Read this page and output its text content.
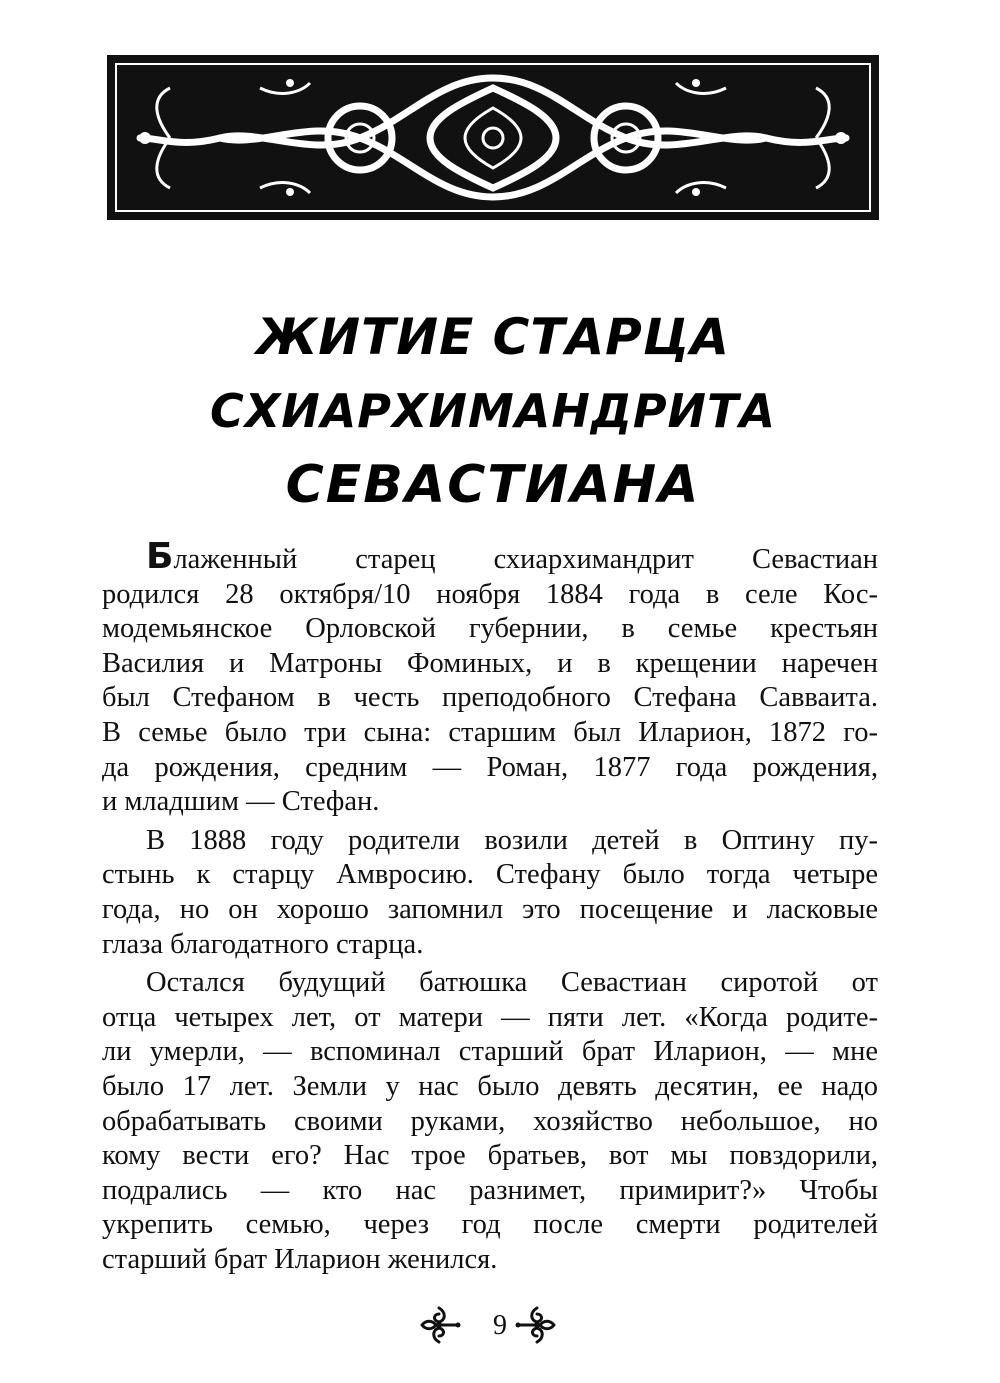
ЖИТИЕ СТАРЦА
СХИАРХИМАНДРИТА
СЕВАСТИАНА
Блаженный старец схиархимандрит Севастиан
родился 28 октября/10 ноября 1884 года в селе Кос-
модемьянское Орловской губернии, в семье крестьян
Василия и Матроны Фоминых, и в крещении наречен
был Стефаном в честь преподобного Стефана Савваита.
В семье было три сына: старшим был Иларион, 1872 го-
да рождения, средним — Роман, 1877 года рождения,
и младшим — Стефан.
В 1888 году родители возили детей в Оптину пу-
стынь к старцу Амвросию. Стефану было тогда четыре
года, но он хорошо запомнил это посещение и ласковые
глаза благодатного старца.
Остался будущий батюшка Севастиан сиротой от
отца четырех лет, от матери — пяти лет. «Когда родите-
ли умерли, — вспоминал старший брат Иларион, — мне
было 17 лет. Земли у нас было девять десятин, ее надо
обрабатывать своими руками, хозяйство небольшое, но
кому вести его? Нас трое братьев, вот мы повздорили,
подрались — кто нас разнимет, примирит?» Чтобы
укрепить семью, через год после смерти родителей
старший брат Иларион женился.
9
